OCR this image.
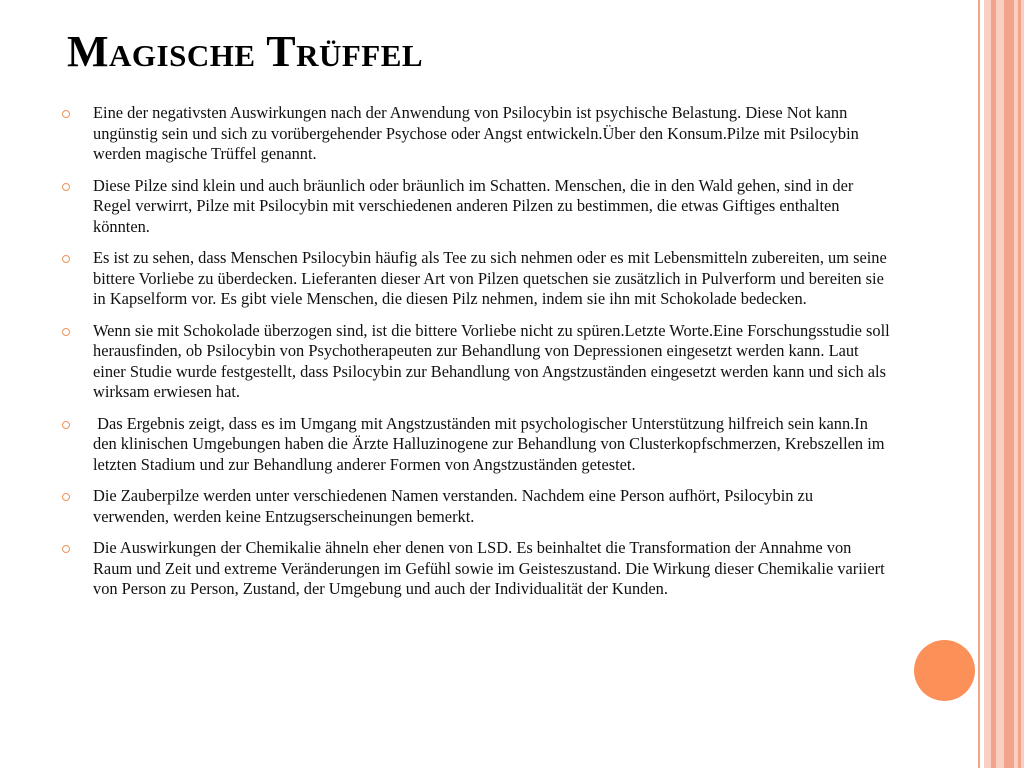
Magische Trüffel
Eine der negativsten Auswirkungen nach der Anwendung von Psilocybin ist psychische Belastung. Diese Not kann ungünstig sein und sich zu vorübergehender Psychose oder Angst entwickeln.Über den Konsum.Pilze mit Psilocybin werden magische Trüffel genannt.
Diese Pilze sind klein und auch bräunlich oder bräunlich im Schatten. Menschen, die in den Wald gehen, sind in der Regel verwirrt, Pilze mit Psilocybin mit verschiedenen anderen Pilzen zu bestimmen, die etwas Giftiges enthalten könnten.
Es ist zu sehen, dass Menschen Psilocybin häufig als Tee zu sich nehmen oder es mit Lebensmitteln zubereiten, um seine bittere Vorliebe zu überdecken. Lieferanten dieser Art von Pilzen quetschen sie zusätzlich in Pulverform und bereiten sie in Kapselform vor. Es gibt viele Menschen, die diesen Pilz nehmen, indem sie ihn mit Schokolade bedecken.
Wenn sie mit Schokolade überzogen sind, ist die bittere Vorliebe nicht zu spüren.Letzte Worte.Eine Forschungsstudie soll herausfinden, ob Psilocybin von Psychotherapeuten zur Behandlung von Depressionen eingesetzt werden kann. Laut einer Studie wurde festgestellt, dass Psilocybin zur Behandlung von Angstzuständen eingesetzt werden kann und sich als wirksam erwiesen hat.
Das Ergebnis zeigt, dass es im Umgang mit Angstzuständen mit psychologischer Unterstützung hilfreich sein kann.In den klinischen Umgebungen haben die Ärzte Halluzinogene zur Behandlung von Clusterkopfschmerzen, Krebszellen im letzten Stadium und zur Behandlung anderer Formen von Angstzuständen getestet.
Die Zauberpilze werden unter verschiedenen Namen verstanden. Nachdem eine Person aufhört, Psilocybin zu verwenden, werden keine Entzugserscheinungen bemerkt.
Die Auswirkungen der Chemikalie ähneln eher denen von LSD. Es beinhaltet die Transformation der Annahme von Raum und Zeit und extreme Veränderungen im Gefühl sowie im Geisteszustand. Die Wirkung dieser Chemikalie variiert von Person zu Person, Zustand, der Umgebung und auch der Individualität der Kunden.
